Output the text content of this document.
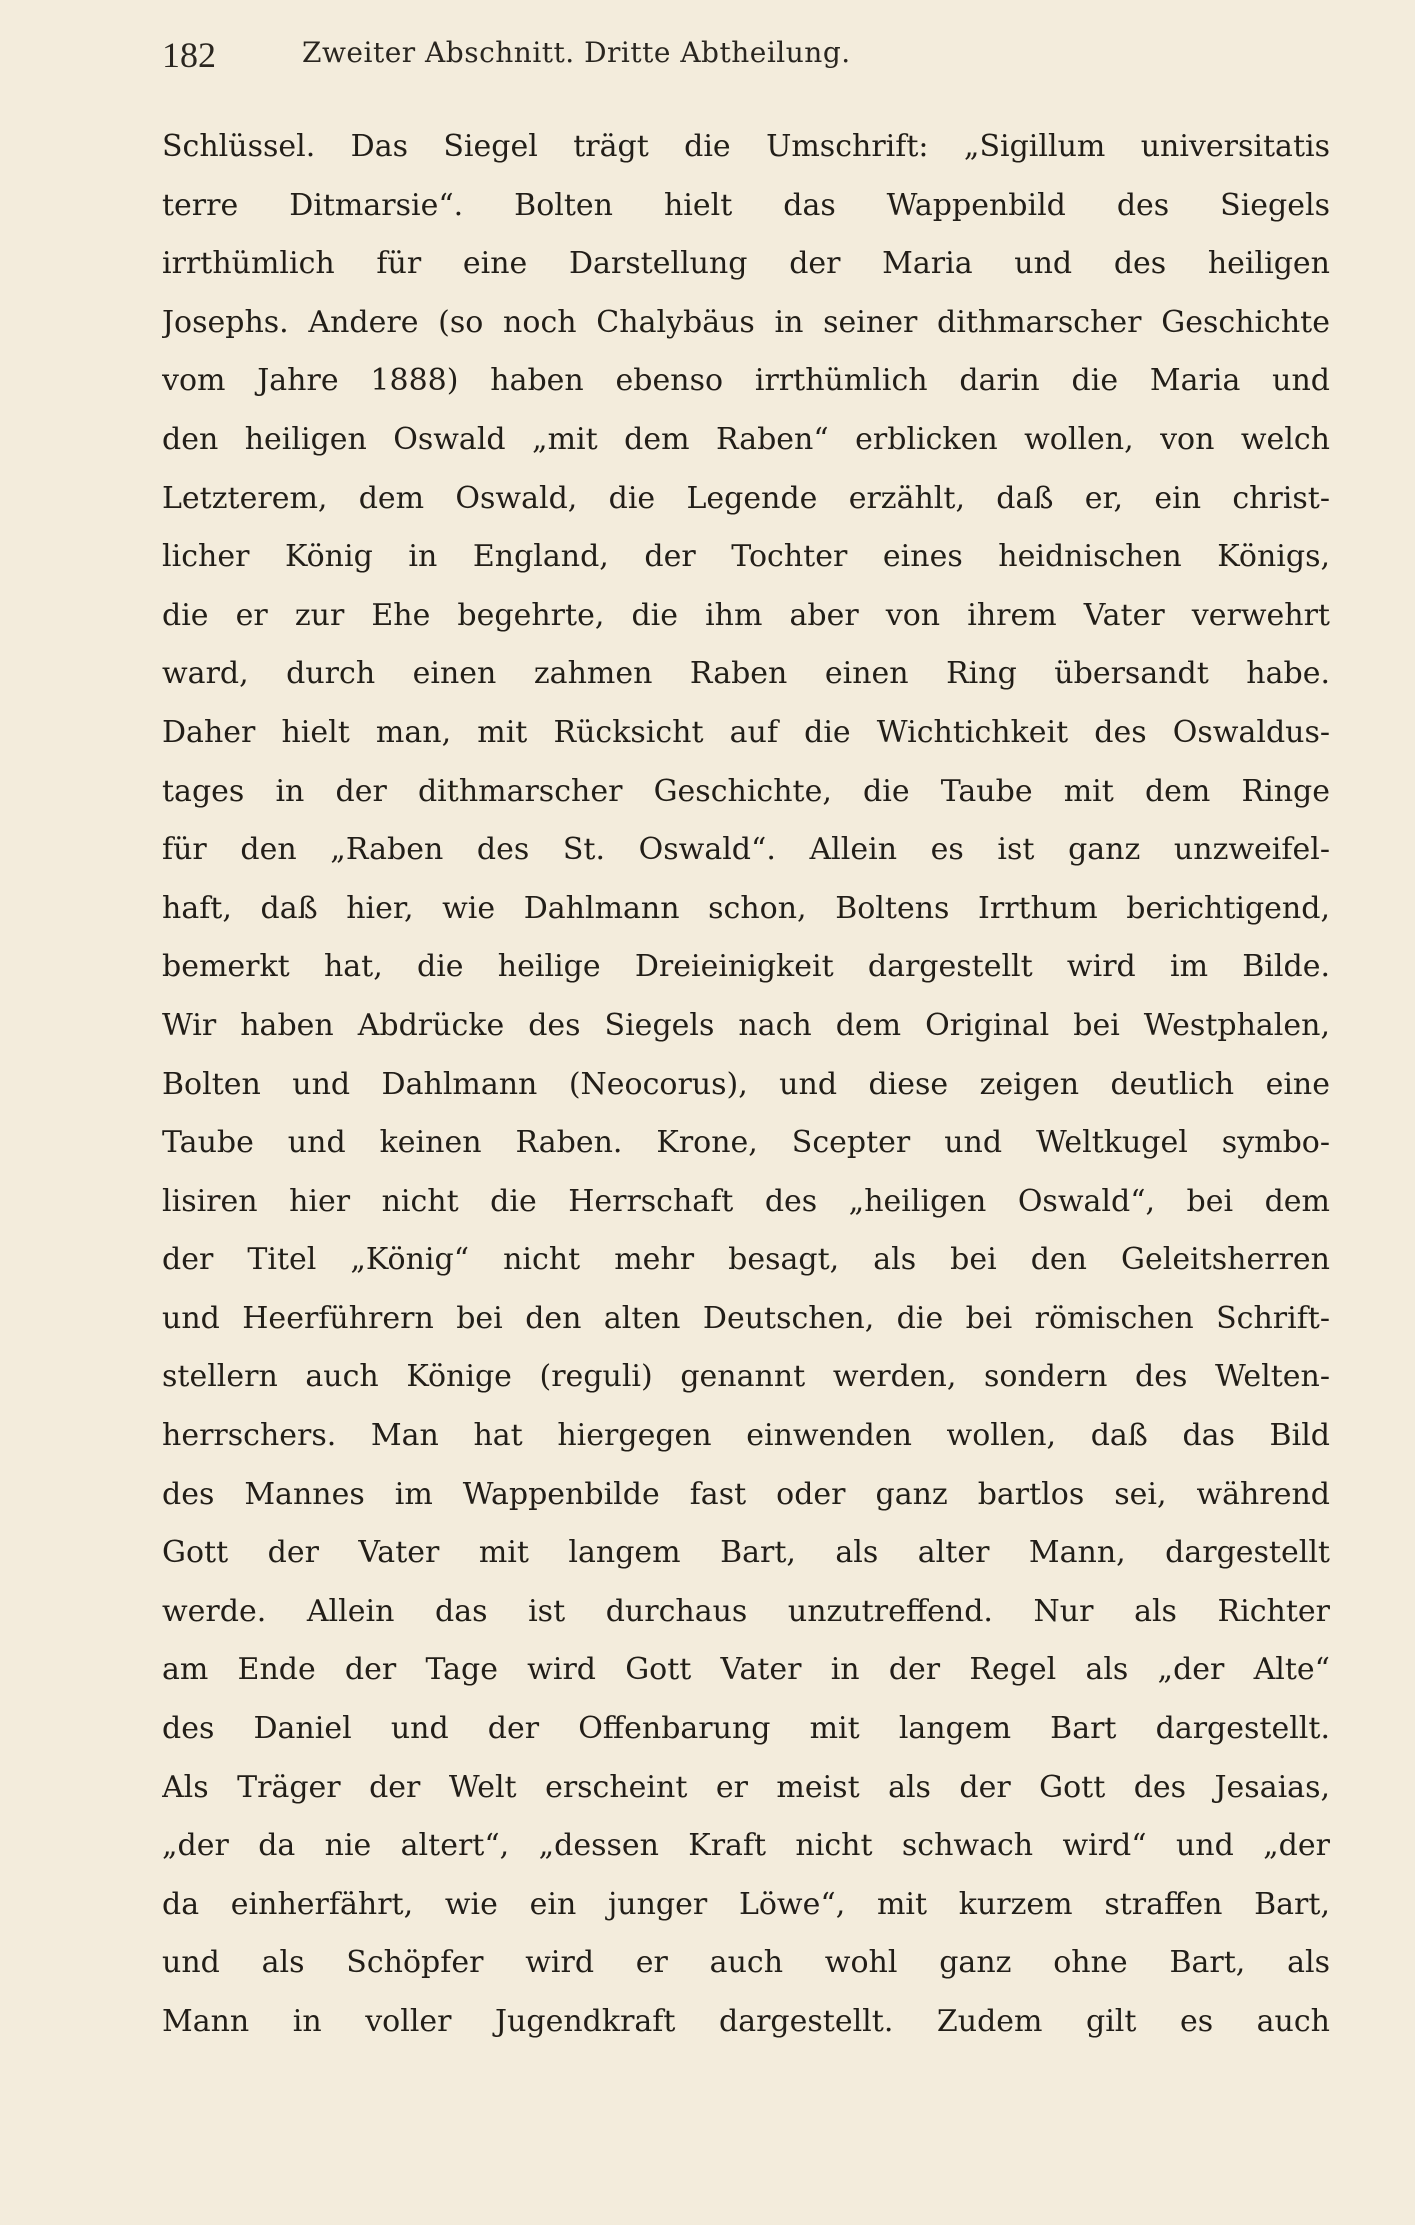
182	Zweiter Abschnitt. Dritte Abtheilung.
Schlüssel. Das Siegel trägt die Umschrift: „Sigillum universitatis
terre Ditmarsie“. Bolten hielt das Wappenbild des Siegels
irrthümlich für eine Darstellung der Maria und des heiligen
Josephs. Andere (so noch Chalybäus in seiner dithmarscher Geschichte
vom Jahre 1888) haben ebenso irrthümlich darin die Maria und
den heiligen Oswald „mit dem Raben“ erblicken wollen, von welch
Letzterem, dem Oswald, die Legende erzählt, daß er, ein christ-
licher König in England, der Tochter eines heidnischen Königs,
die er zur Ehe begehrte, die ihm aber von ihrem Vater verwehrt
ward, durch einen zahmen Raben einen Ring übersandt habe.
Daher hielt man, mit Rücksicht auf die Wichtichkeit des Oswaldus-
tages in der dithmarscher Geschichte, die Taube mit dem Ringe
für den „Raben des St. Oswald“. Allein es ist ganz unzweifel-
haft, daß hier, wie Dahlmann schon, Boltens Irrthum berichtigend,
bemerkt hat, die heilige Dreieinigkeit dargestellt wird im Bilde.
Wir haben Abdrücke des Siegels nach dem Original bei Westphalen,
Bolten und Dahlmann (Neocorus), und diese zeigen deutlich eine
Taube und keinen Raben. Krone, Scepter und Weltkugel symbo-
lisiren hier nicht die Herrschaft des „heiligen Oswald“, bei dem
der Titel „König“ nicht mehr besagt, als bei den Geleitsherren
und Heerführern bei den alten Deutschen, die bei römischen Schrift-
stellern auch Könige (reguli) genannt werden, sondern des Welten-
herrschers. Man hat hiergegen einwenden wollen, daß das Bild
des Mannes im Wappenbilde fast oder ganz bartlos sei, während
Gott der Vater mit langem Bart, als alter Mann, dargestellt
werde. Allein das ist durchaus unzutreffend. Nur als Richter
am Ende der Tage wird Gott Vater in der Regel als „der Alte“
des Daniel und der Offenbarung mit langem Bart dargestellt.
Als Träger der Welt erscheint er meist als der Gott des Jesaias,
„der da nie altert“, „dessen Kraft nicht schwach wird“ und „der
da einherfährt, wie ein junger Löwe“, mit kurzem straffen Bart,
und als Schöpfer wird er auch wohl ganz ohne Bart, als
Mann in voller Jugendkraft dargestellt. Zudem gilt es auch
